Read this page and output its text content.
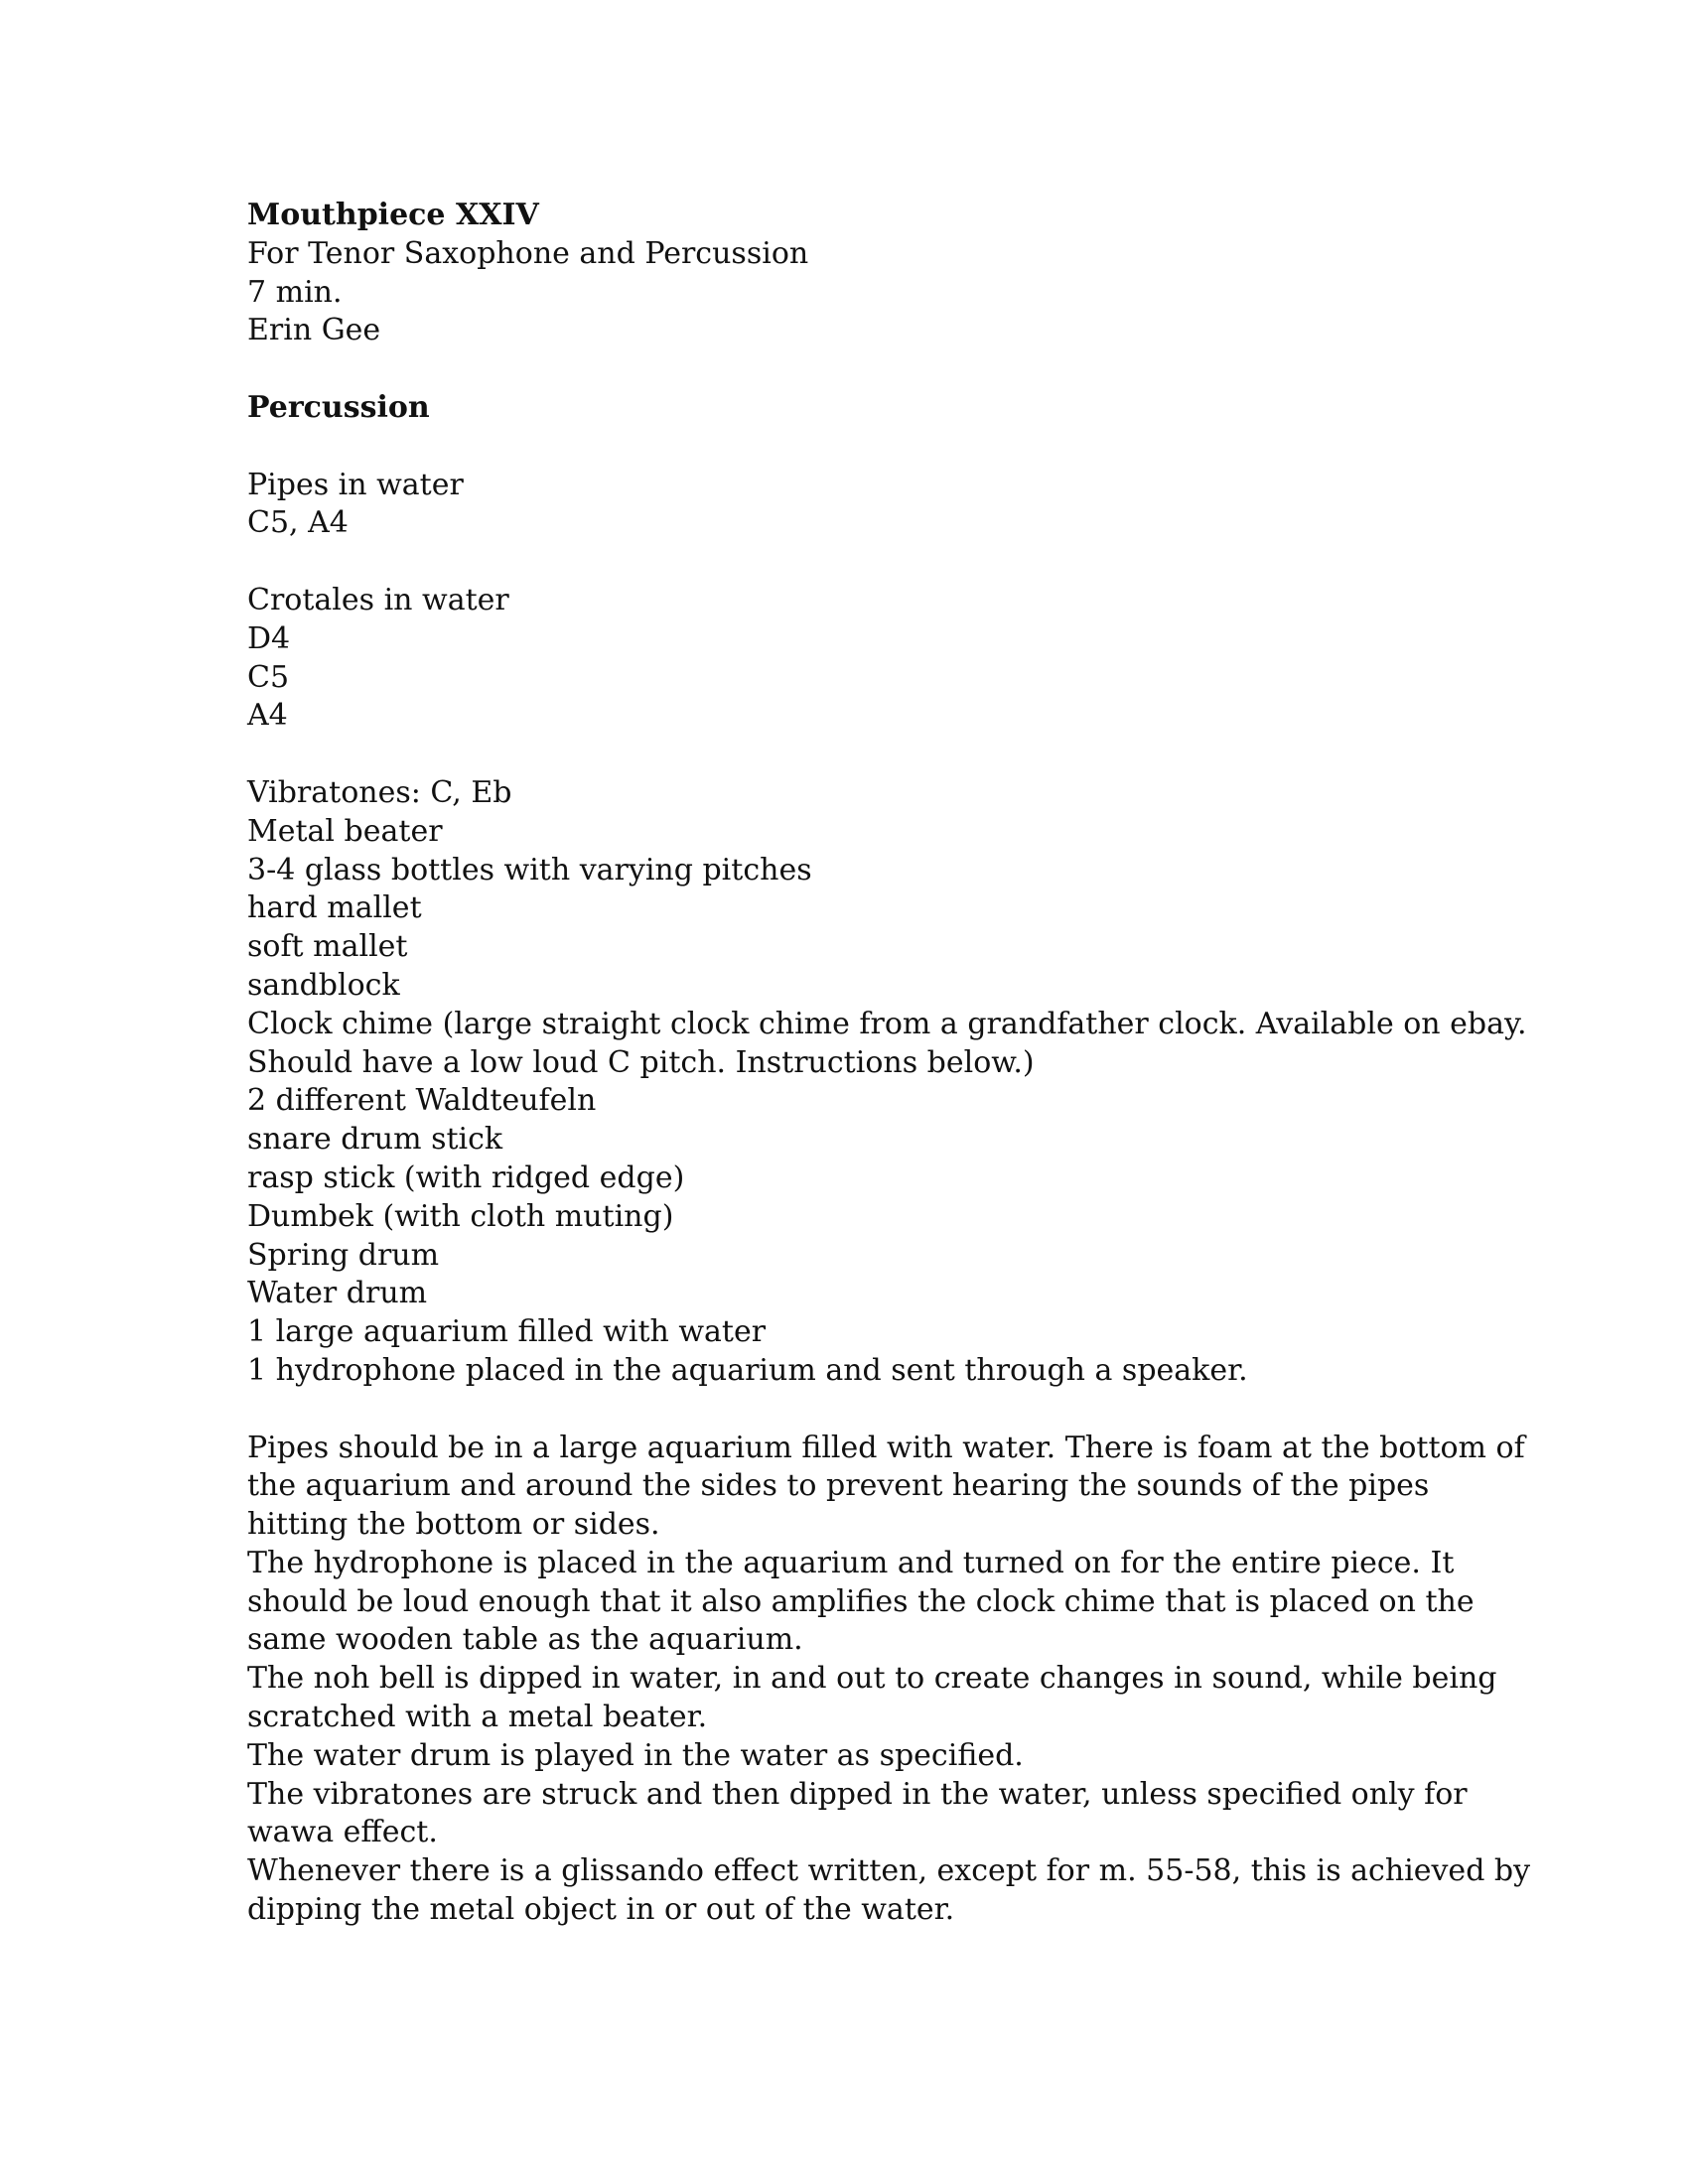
Mouthpiece XXIV
For Tenor Saxophone and Percussion
7 min.
Erin Gee
Percussion
Pipes in water
C5, A4
Crotales in water
D4
C5
A4
Vibratones: C, Eb
Metal beater
3-4 glass bottles with varying pitches
hard mallet
soft mallet
sandblock
Clock chime (large straight clock chime from a grandfather clock. Available on ebay.
Should have a low loud C pitch. Instructions below.)
2 different Waldteufeln
snare drum stick
rasp stick (with ridged edge)
Dumbek (with cloth muting)
Spring drum
Water drum
1 large aquarium filled with water
1 hydrophone placed in the aquarium and sent through a speaker.
Pipes should be in a large aquarium filled with water. There is foam at the bottom of
the aquarium and around the sides to prevent hearing the sounds of the pipes
hitting the bottom or sides.
The hydrophone is placed in the aquarium and turned on for the entire piece. It
should be loud enough that it also amplifies the clock chime that is placed on the
same wooden table as the aquarium.
The noh bell is dipped in water, in and out to create changes in sound, while being
scratched with a metal beater.
The water drum is played in the water as specified.
The vibratones are struck and then dipped in the water, unless specified only for
wawa effect.
Whenever there is a glissando effect written, except for m. 55-58, this is achieved by
dipping the metal object in or out of the water.
